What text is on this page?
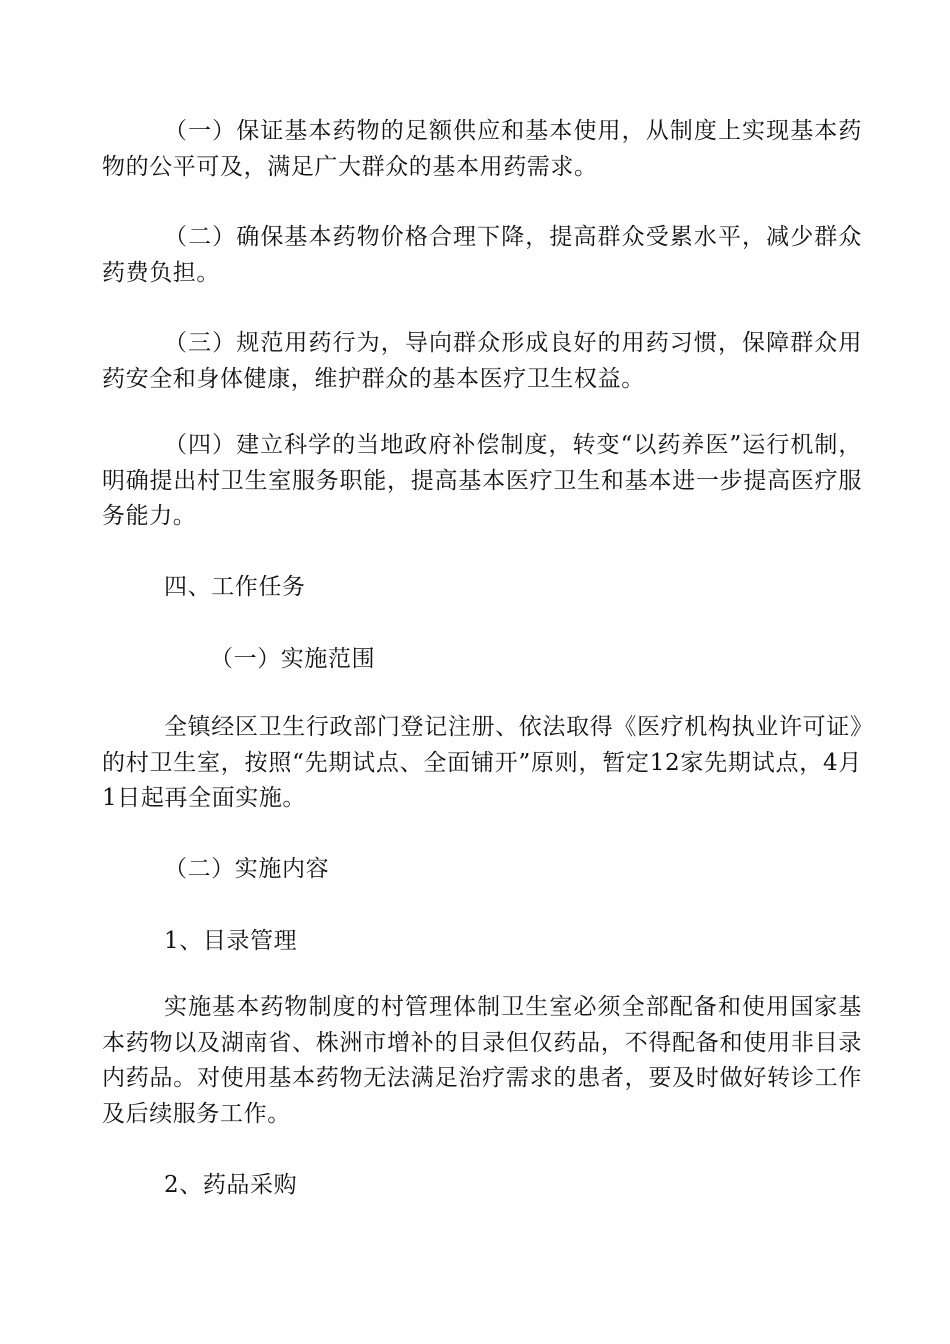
（一）保证基本药物的足额供应和基本使用，从制度上实现基本药物的公平可及，满足广大群众的基本用药需求。

（二）确保基本药物价格合理下降，提高群众受累水平，减少群众药费负担。

（三）规范用药行为，导向群众形成良好的用药习惯，保障群众用药安全和身体健康，维护群众的基本医疗卫生权益。

（四）建立科学的当地政府补偿制度，转变“以药养医”运行机制，明确提出村卫生室服务职能，提高基本医疗卫生和基本进一步提高医疗服务能力。

四、工作任务

（一）实施范围

全镇经区卫生行政部门登记注册、依法取得《医疗机构执业许可证》的村卫生室，按照“先期试点、全面铺开”原则，暂定12家先期试点，4月1日起再全面实施。

（二）实施内容

1、目录管理

实施基本药物制度的村管理体制卫生室必须全部配备和使用国家基本药物以及湖南省、株洲市增补的目录但仅药品，不得配备和使用非目录内药品。对使用基本药物无法满足治疗需求的患者，要及时做好转诊工作及后续服务工作。

2、药品采购
